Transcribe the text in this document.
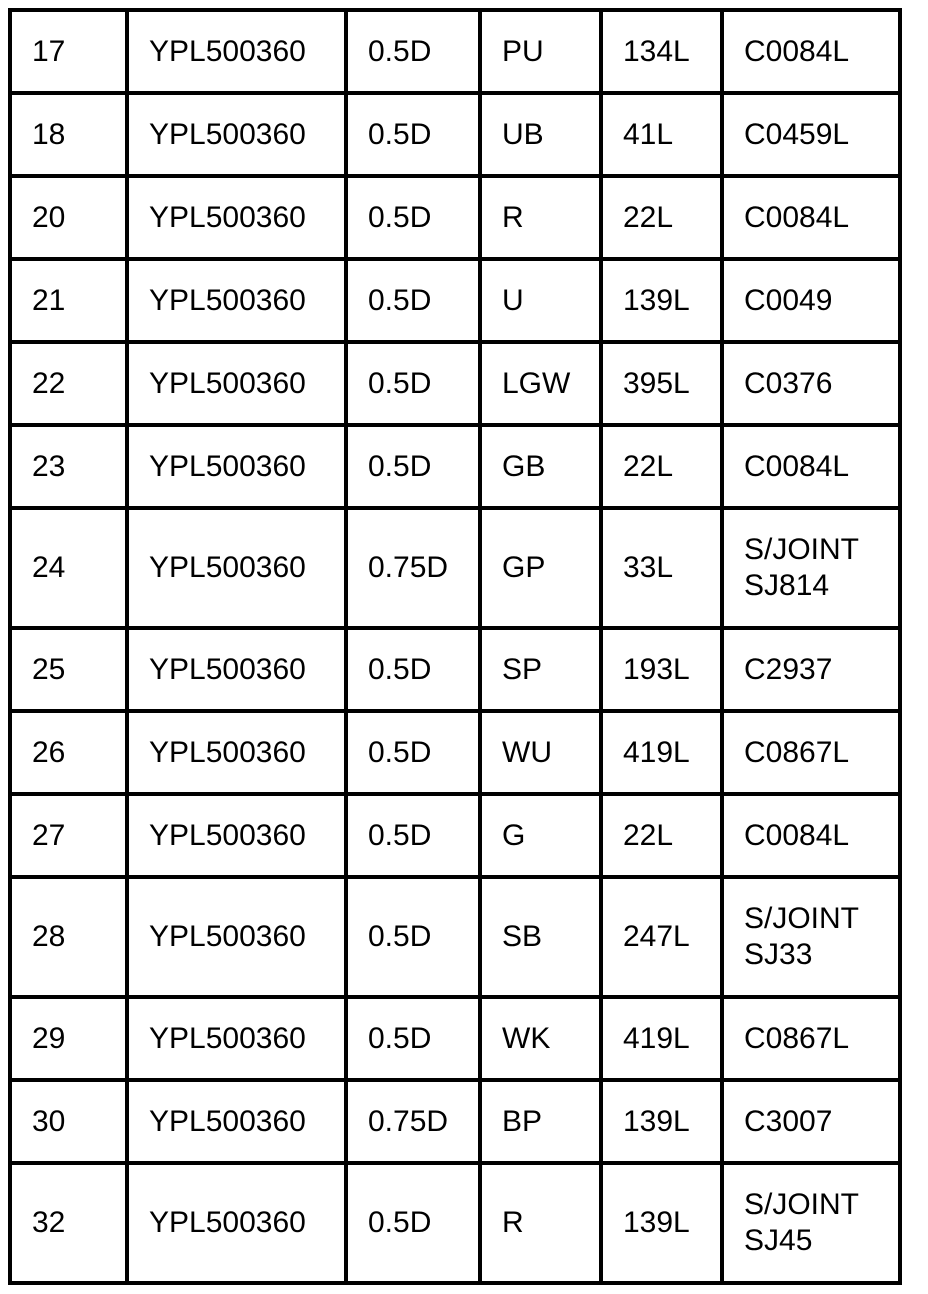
17	YPL500360	0.5D	PU	134L	C0084L
18	YPL500360	0.5D	UB	41L	C0459L
20	YPL500360	0.5D	R	22L	C0084L
21	YPL500360	0.5D	U	139L	C0049
22	YPL500360	0.5D	LGW	395L	C0376
23	YPL500360	0.5D	GB	22L	C0084L
24	YPL500360	0.75D	GP	33L	S/JOINT
SJ814
25	YPL500360	0.5D	SP	193L	C2937
26	YPL500360	0.5D	WU	419L	C0867L
27	YPL500360	0.5D	G	22L	C0084L
28	YPL500360	0.5D	SB	247L	S/JOINT
SJ33
29	YPL500360	0.5D	WK	419L	C0867L
30	YPL500360	0.75D	BP	139L	C3007
32	YPL500360	0.5D	R	139L	S/JOINT
SJ45
